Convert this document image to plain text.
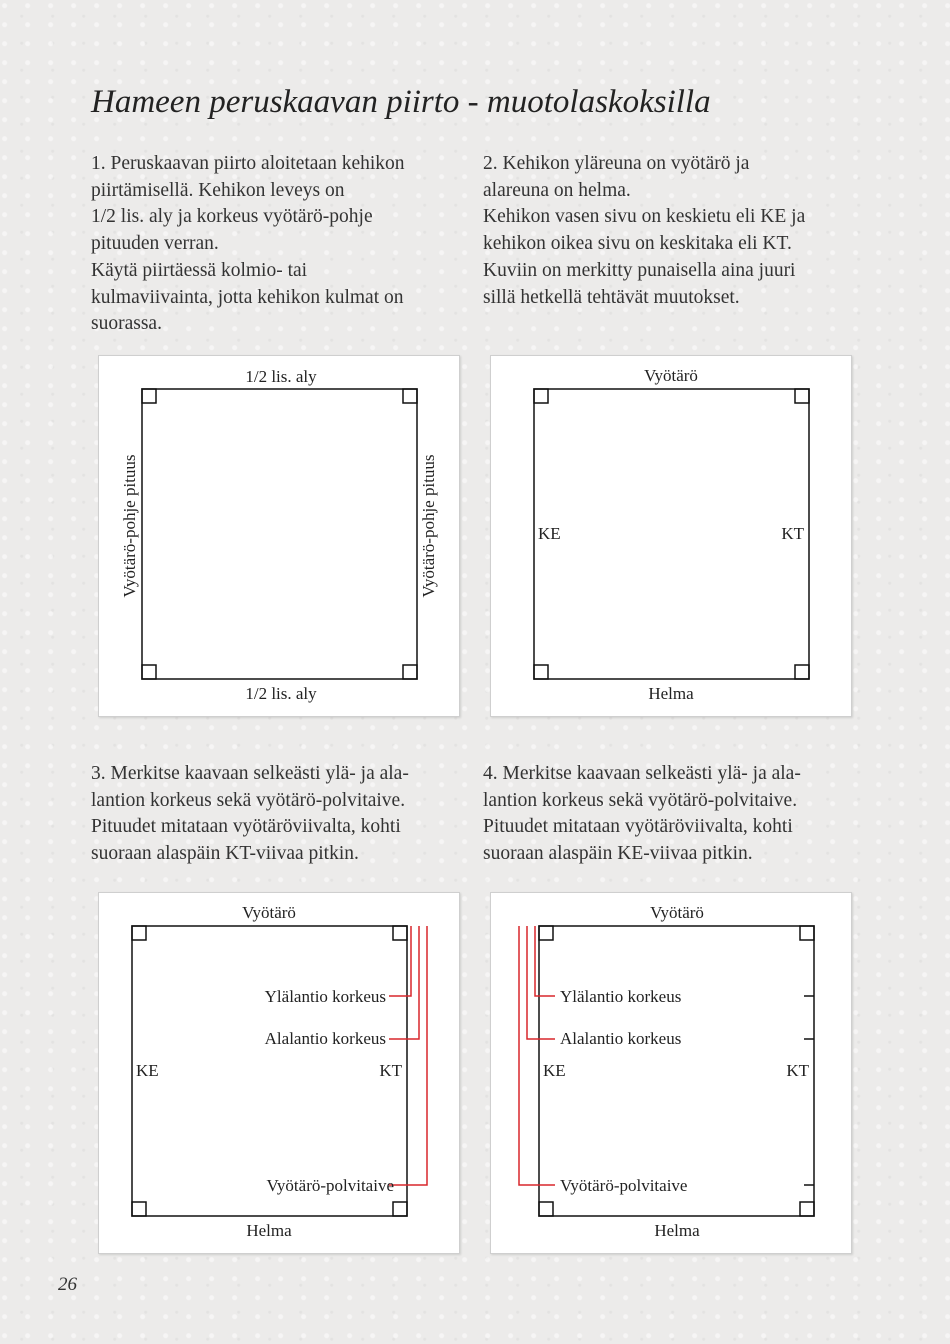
Hameen peruskaavan piirto - muotolaskoksilla
1. Peruskaavan piirto aloitetaan kehikon
piirtämisellä. Kehikon leveys on
1/2 lis. aly ja korkeus vyötärö-pohje
pituuden verran.
Käytä piirtäessä kolmio- tai
kulmaviivainta, jotta kehikon kulmat on
suorassa.
2. Kehikon yläreuna on vyötärö ja
alareuna on helma.
Kehikon vasen sivu on keskietu eli KE ja
kehikon oikea sivu on keskitaka eli KT.
Kuviin on merkitty punaisella aina juuri
sillä hetkellä tehtävät muutokset.
1/2 lis. aly
1/2 lis. aly
Vyötärö-pohje pituus	Vyötärö-pohje pituus
Vyötärö
Helma
KE	KT
3. Merkitse kaavaan selkeästi ylä- ja ala-
lantion korkeus sekä vyötärö-polvitaive.
Pituudet mitataan vyötäröviivalta, kohti
suoraan alaspäin KT-viivaa pitkin.
4. Merkitse kaavaan selkeästi ylä- ja ala-
lantion korkeus sekä vyötärö-polvitaive.
Pituudet mitataan vyötäröviivalta, kohti
suoraan alaspäin KE-viivaa pitkin.
Vyötärö
Helma
KE	KT
Ylälantio korkeus
Alalantio korkeus
Vyötärö-polvitaive
Vyötärö
Helma
KE	KT
Ylälantio korkeus
Alalantio korkeus
Vyötärö-polvitaive
26
